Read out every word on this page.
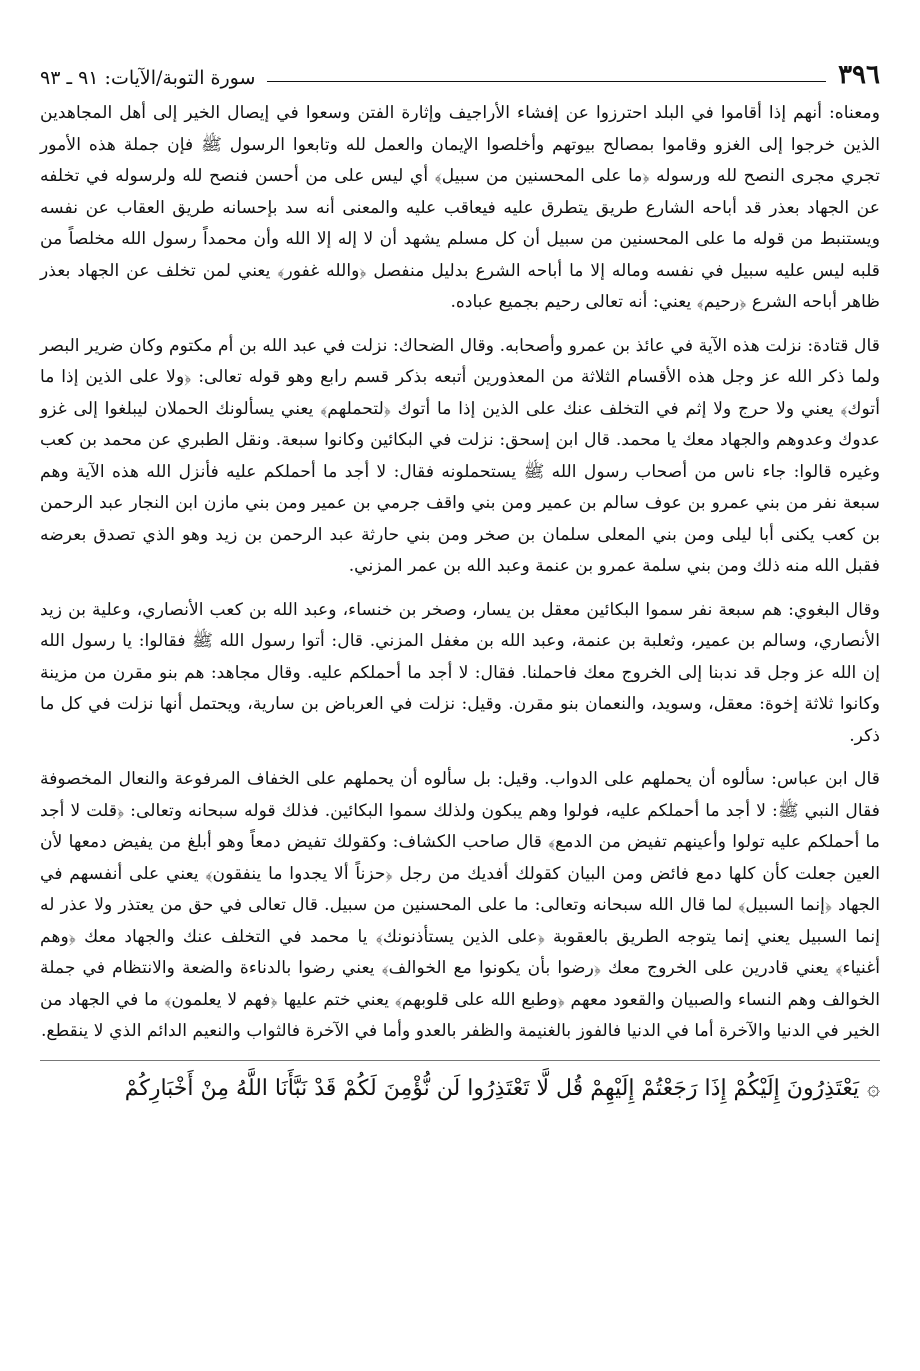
٣٩٦
سورة التوبة/الآيات: ٩١ ـ ٩٣

ومعناه: أنهم إذا أقاموا في البلد احترزوا عن إفشاء الأراجيف وإثارة الفتن وسعوا في إيصال الخير إلى أهل المجاهدين الذين خرجوا إلى الغزو وقاموا بمصالح بيوتهم وأخلصوا الإيمان والعمل لله وتابعوا الرسول ﷺ فإن جملة هذه الأمور تجري مجرى النصح لله ورسوله ﴿ما على المحسنين من سبيل﴾ أي ليس على من أحسن فنصح لله ولرسوله في تخلفه عن الجهاد بعذر قد أباحه الشارع طريق يتطرق عليه فيعاقب عليه والمعنى أنه سد بإحسانه طريق العقاب عن نفسه ويستنبط من قوله ما على المحسنين من سبيل أن كل مسلم يشهد أن لا إله إلا الله وأن محمداً رسول الله مخلصاً من قلبه ليس عليه سبيل في نفسه وماله إلا ما أباحه الشرع بدليل منفصل ﴿والله غفور﴾ يعني لمن تخلف عن الجهاد بعذر ظاهر أباحه الشرع ﴿رحيم﴾ يعني: أنه تعالى رحيم بجميع عباده.

قال قتادة: نزلت هذه الآية في عائذ بن عمرو وأصحابه. وقال الضحاك: نزلت في عبد الله بن أم مكتوم وكان ضرير البصر ولما ذكر الله عز وجل هذه الأقسام الثلاثة من المعذورين أتبعه بذكر قسم رابع وهو قوله تعالى: ﴿ولا على الذين إذا ما أتوك﴾ يعني ولا حرج ولا إثم في التخلف عنك على الذين إذا ما أتوك ﴿لتحملهم﴾ يعني يسألونك الحملان ليبلغوا إلى غزو عدوك وعدوهم والجهاد معك يا محمد. قال ابن إسحق: نزلت في البكائين وكانوا سبعة. ونقل الطبري عن محمد بن كعب وغيره قالوا: جاء ناس من أصحاب رسول الله ﷺ يستحملونه فقال: لا أجد ما أحملكم عليه فأنزل الله هذه الآية وهم سبعة نفر من بني عمرو بن عوف سالم بن عمير ومن بني واقف جرمي بن عمير ومن بني مازن ابن النجار عبد الرحمن بن كعب يكنى أبا ليلى ومن بني المعلى سلمان بن صخر ومن بني حارثة عبد الرحمن بن زيد وهو الذي تصدق بعرضه فقبل الله منه ذلك ومن بني سلمة عمرو بن عنمة وعبد الله بن عمر المزني.

وقال البغوي: هم سبعة نفر سموا البكائين معقل بن يسار، وصخر بن خنساء، وعبد الله بن كعب الأنصاري، وعلية بن زيد الأنصاري، وسالم بن عمير، وثعلبة بن عنمة، وعبد الله بن مغفل المزني. قال: أتوا رسول الله ﷺ فقالوا: يا رسول الله إن الله عز وجل قد ندبنا إلى الخروج معك فاحملنا. فقال: لا أجد ما أحملكم عليه. وقال مجاهد: هم بنو مقرن من مزينة وكانوا ثلاثة إخوة: معقل، وسويد، والنعمان بنو مقرن. وقيل: نزلت في العرباض بن سارية، ويحتمل أنها نزلت في كل ما ذكر.

قال ابن عباس: سألوه أن يحملهم على الدواب. وقيل: بل سألوه أن يحملهم على الخفاف المرفوعة والنعال المخصوفة فقال النبي ﷺ: لا أجد ما أحملكم عليه، فولوا وهم يبكون ولذلك سموا البكائين. فذلك قوله سبحانه وتعالى: ﴿قلت لا أجد ما أحملكم عليه تولوا وأعينهم تفيض من الدمع﴾ قال صاحب الكشاف: وكقولك تفيض دمعاً وهو أبلغ من يفيض دمعها لأن العين جعلت كأن كلها دمع فائض ومن البيان كقولك أفديك من رجل ﴿حزناً ألا يجدوا ما ينفقون﴾ يعني على أنفسهم في الجهاد ﴿إنما السبيل﴾ لما قال الله سبحانه وتعالى: ما على المحسنين من سبيل. قال تعالى في حق من يعتذر ولا عذر له إنما السبيل يعني إنما يتوجه الطريق بالعقوبة ﴿على الذين يستأذنونك﴾ يا محمد في التخلف عنك والجهاد معك ﴿وهم أغنياء﴾ يعني قادرين على الخروج معك ﴿رضوا بأن يكونوا مع الخوالف﴾ يعني رضوا بالدناءة والضعة والانتظام في جملة الخوالف وهم النساء والصبيان والقعود معهم ﴿وطبع الله على قلوبهم﴾ يعني ختم عليها ﴿فهم لا يعلمون﴾ ما في الجهاد من الخير في الدنيا والآخرة أما في الدنيا فالفوز بالغنيمة والظفر بالعدو وأما في الآخرة فالثواب والنعيم الدائم الذي لا ينقطع.

۞
يَعْتَذِرُونَ إِلَيْكُمْ إِذَا رَجَعْتُمْ إِلَيْهِمْ قُل لَّا تَعْتَذِرُوا لَن نُّؤْمِنَ لَكُمْ قَدْ نَبَّأَنَا اللَّهُ مِنْ أَخْبَارِكُمْ
